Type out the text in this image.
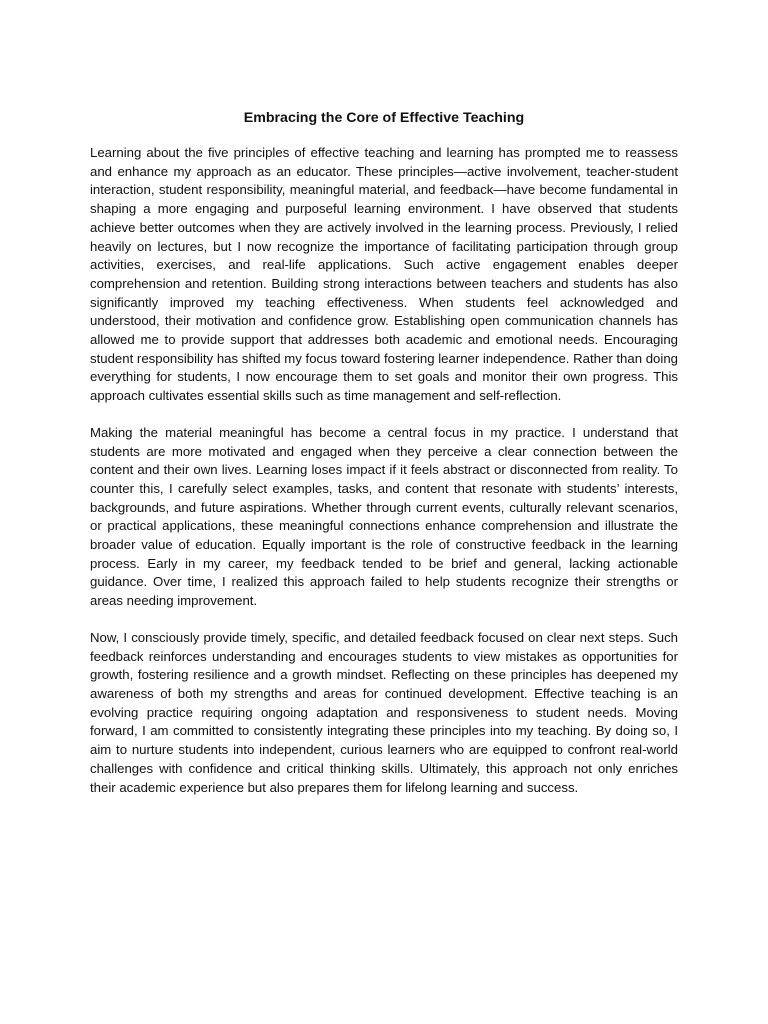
Embracing the Core of Effective Teaching

Learning about the five principles of effective teaching and learning has prompted me to reassess and enhance my approach as an educator. These principles—active involvement, teacher-student interaction, student responsibility, meaningful material, and feedback—have become fundamental in shaping a more engaging and purposeful learning environment. I have observed that students achieve better outcomes when they are actively involved in the learning process. Previously, I relied heavily on lectures, but I now recognize the importance of facilitating participation through group activities, exercises, and real-life applications. Such active engagement enables deeper comprehension and retention. Building strong interactions between teachers and students has also significantly improved my teaching effectiveness. When students feel acknowledged and understood, their motivation and confidence grow. Establishing open communication channels has allowed me to provide support that addresses both academic and emotional needs. Encouraging student responsibility has shifted my focus toward fostering learner independence. Rather than doing everything for students, I now encourage them to set goals and monitor their own progress. This approach cultivates essential skills such as time management and self-reflection.

Making the material meaningful has become a central focus in my practice. I understand that students are more motivated and engaged when they perceive a clear connection between the content and their own lives. Learning loses impact if it feels abstract or disconnected from reality. To counter this, I carefully select examples, tasks, and content that resonate with students’ interests, backgrounds, and future aspirations. Whether through current events, culturally relevant scenarios, or practical applications, these meaningful connections enhance comprehension and illustrate the broader value of education. Equally important is the role of constructive feedback in the learning process. Early in my career, my feedback tended to be brief and general, lacking actionable guidance. Over time, I realized this approach failed to help students recognize their strengths or areas needing improvement.

Now, I consciously provide timely, specific, and detailed feedback focused on clear next steps. Such feedback reinforces understanding and encourages students to view mistakes as opportunities for growth, fostering resilience and a growth mindset. Reflecting on these principles has deepened my awareness of both my strengths and areas for continued development. Effective teaching is an evolving practice requiring ongoing adaptation and responsiveness to student needs. Moving forward, I am committed to consistently integrating these principles into my teaching. By doing so, I aim to nurture students into independent, curious learners who are equipped to confront real-world challenges with confidence and critical thinking skills. Ultimately, this approach not only enriches their academic experience but also prepares them for lifelong learning and success.
